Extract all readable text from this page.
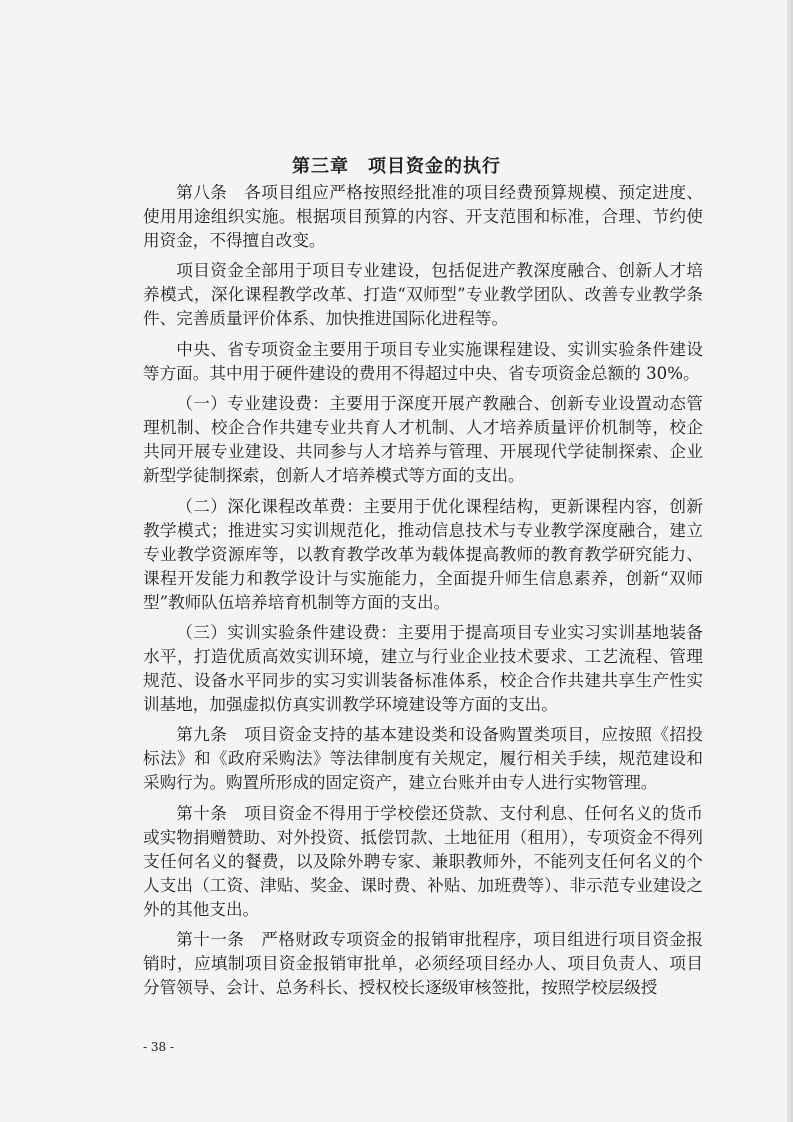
第三章　项目资金的执行

第八条　各项目组应严格按照经批准的项目经费预算规模、预定进度、使用用途组织实施。根据项目预算的内容、开支范围和标准，合理、节约使用资金，不得擅自改变。

项目资金全部用于项目专业建设，包括促进产教深度融合、创新人才培养模式，深化课程教学改革、打造“双师型”专业教学团队、改善专业教学条件、完善质量评价体系、加快推进国际化进程等。

中央、省专项资金主要用于项目专业实施课程建设、实训实验条件建设等方面。其中用于硬件建设的费用不得超过中央、省专项资金总额的 30%。

（一）专业建设费：主要用于深度开展产教融合、创新专业设置动态管理机制、校企合作共建专业共育人才机制、人才培养质量评价机制等，校企共同开展专业建设、共同参与人才培养与管理、开展现代学徒制探索、企业新型学徒制探索，创新人才培养模式等方面的支出。

（二）深化课程改革费：主要用于优化课程结构，更新课程内容，创新教学模式；推进实习实训规范化，推动信息技术与专业教学深度融合，建立专业教学资源库等，以教育教学改革为载体提高教师的教育教学研究能力、课程开发能力和教学设计与实施能力，全面提升师生信息素养，创新“双师型”教师队伍培养培育机制等方面的支出。

（三）实训实验条件建设费：主要用于提高项目专业实习实训基地装备水平，打造优质高效实训环境，建立与行业企业技术要求、工艺流程、管理规范、设备水平同步的实习实训装备标准体系，校企合作共建共享生产性实训基地，加强虚拟仿真实训教学环境建设等方面的支出。

第九条　项目资金支持的基本建设类和设备购置类项目，应按照《招投标法》和《政府采购法》等法律制度有关规定，履行相关手续，规范建设和采购行为。购置所形成的固定资产，建立台账并由专人进行实物管理。

第十条　项目资金不得用于学校偿还贷款、支付利息、任何名义的货币或实物捐赠赞助、对外投资、抵偿罚款、土地征用（租用），专项资金不得列支任何名义的餐费，以及除外聘专家、兼职教师外，不能列支任何名义的个人支出（工资、津贴、奖金、课时费、补贴、加班费等）、非示范专业建设之外的其他支出。

第十一条　严格财政专项资金的报销审批程序，项目组进行项目资金报销时，应填制项目资金报销审批单，必须经项目经办人、项目负责人、项目分管领导、会计、总务科长、授权校长逐级审核签批，按照学校层级授

- 38 -
